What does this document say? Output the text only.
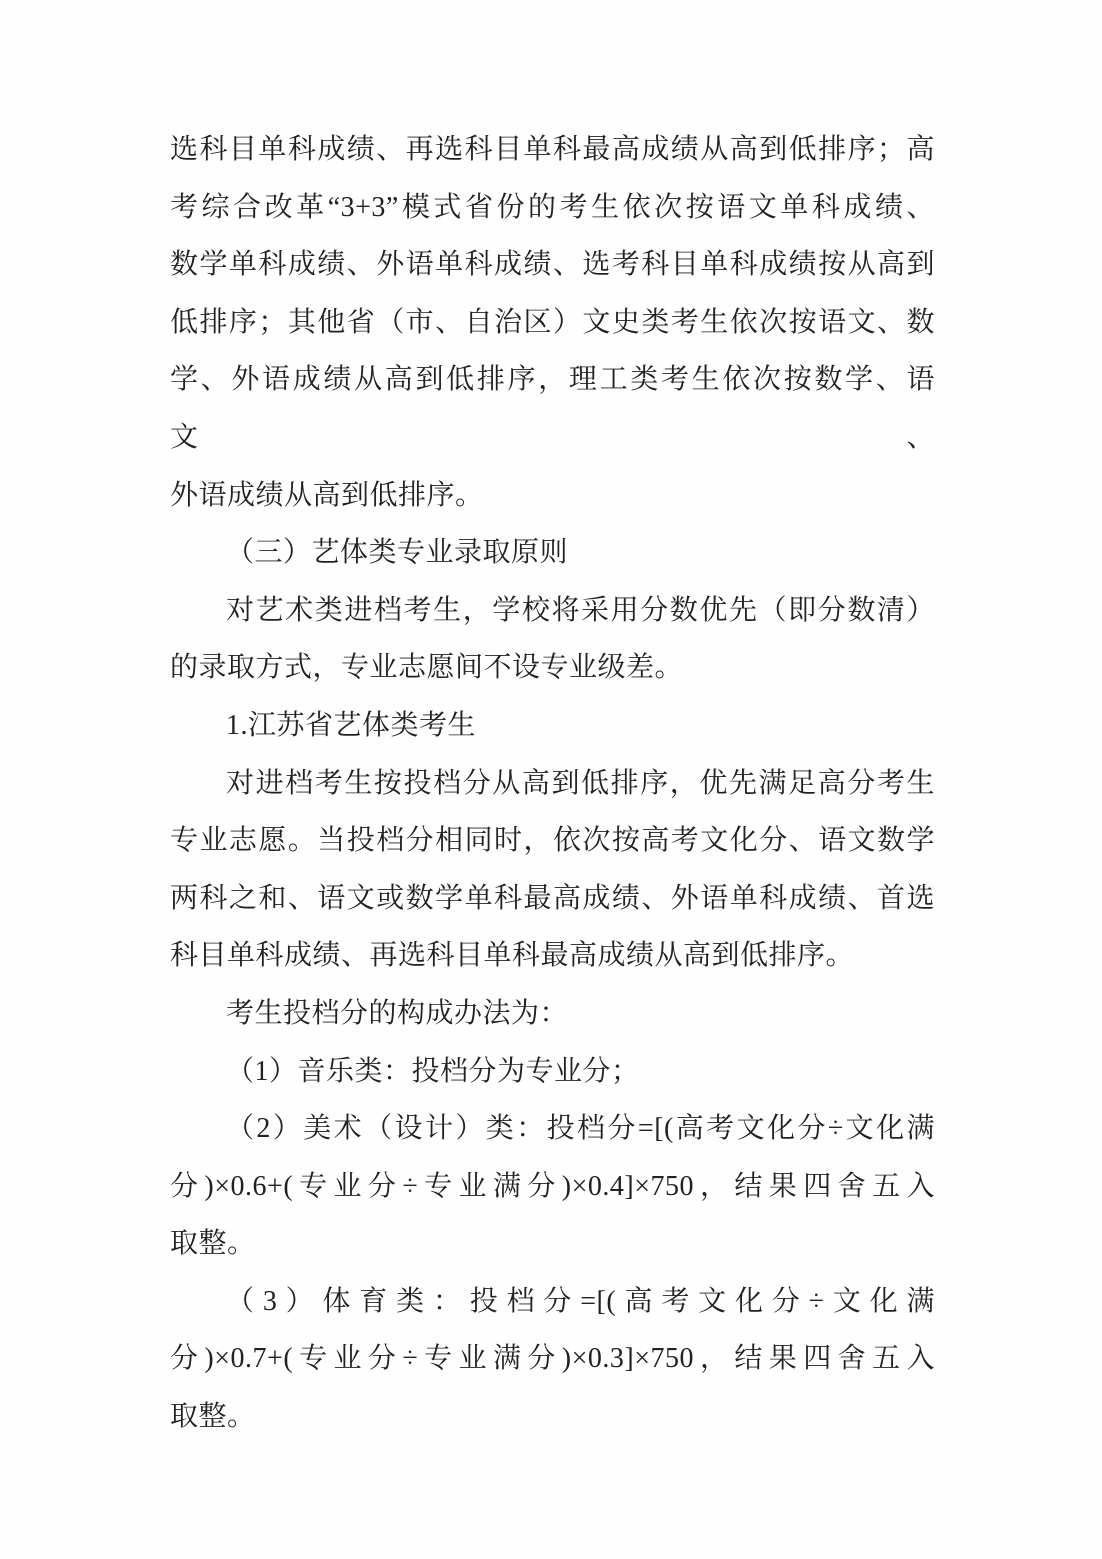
选科目单科成绩、再选科目单科最高成绩从高到低排序；高
考综合改革“3+3”模式省份的考生依次按语文单科成绩、
数学单科成绩、外语单科成绩、选考科目单科成绩按从高到
低排序；其他省（市、自治区）文史类考生依次按语文、数
学、外语成绩从高到低排序，理工类考生依次按数学、语文、
外语成绩从高到低排序。
（三）艺体类专业录取原则
对艺术类进档考生，学校将采用分数优先（即分数清）
的录取方式，专业志愿间不设专业级差。
1.江苏省艺体类考生
对进档考生按投档分从高到低排序，优先满足高分考生
专业志愿。当投档分相同时，依次按高考文化分、语文数学
两科之和、语文或数学单科最高成绩、外语单科成绩、首选
科目单科成绩、再选科目单科最高成绩从高到低排序。
考生投档分的构成办法为：
（1）音乐类：投档分为专业分；
（2）美术（设计）类：投档分=[(高考文化分÷文化满
分)×0.6+(专业分÷专业满分)×0.4]×750，结果四舍五入
取整。
（3）体育类：投档分=[(高考文化分÷文化满
分)×0.7+(专业分÷专业满分)×0.3]×750，结果四舍五入
取整。
